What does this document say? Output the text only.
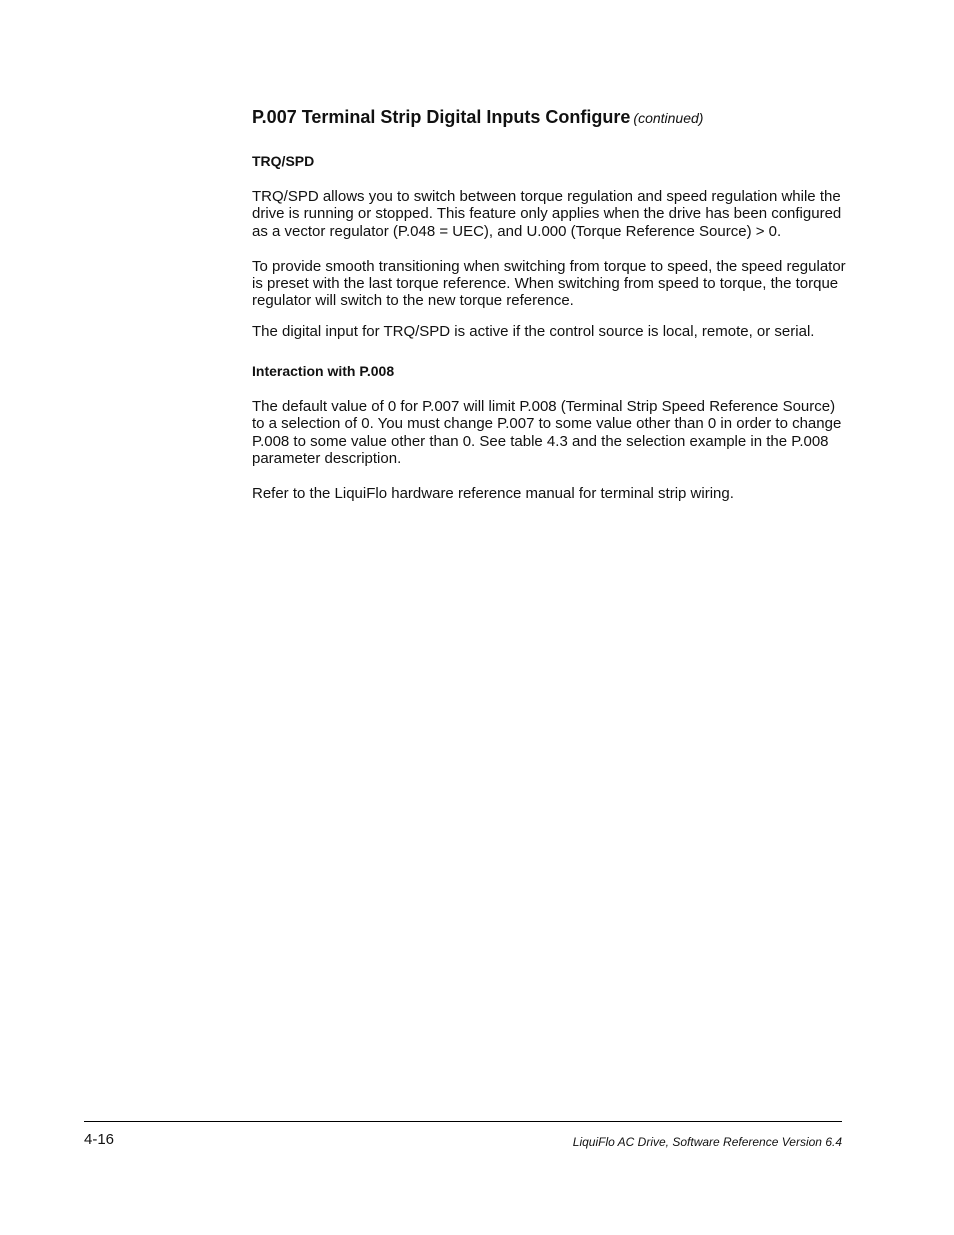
P.007 Terminal Strip Digital Inputs Configure (continued)
TRQ/SPD

TRQ/SPD allows you to switch between torque regulation and speed regulation while the drive is running or stopped. This feature only applies when the drive has been configured as a vector regulator (P.048 = UEC), and U.000 (Torque Reference Source) > 0.

To provide smooth transitioning when switching from torque to speed, the speed regulator is preset with the last torque reference. When switching from speed to torque, the torque regulator will switch to the new torque reference.

The digital input for TRQ/SPD is active if the control source is local, remote, or serial.

Interaction with P.008

The default value of 0 for P.007 will limit P.008 (Terminal Strip Speed Reference Source) to a selection of 0. You must change P.007 to some value other than 0 in order to change P.008 to some value other than 0. See table 4.3 and the selection example in the P.008 parameter description.

Refer to the LiquiFlo hardware reference manual for terminal strip wiring.

4-16	LiquiFlo AC Drive, Software Reference Version 6.4
